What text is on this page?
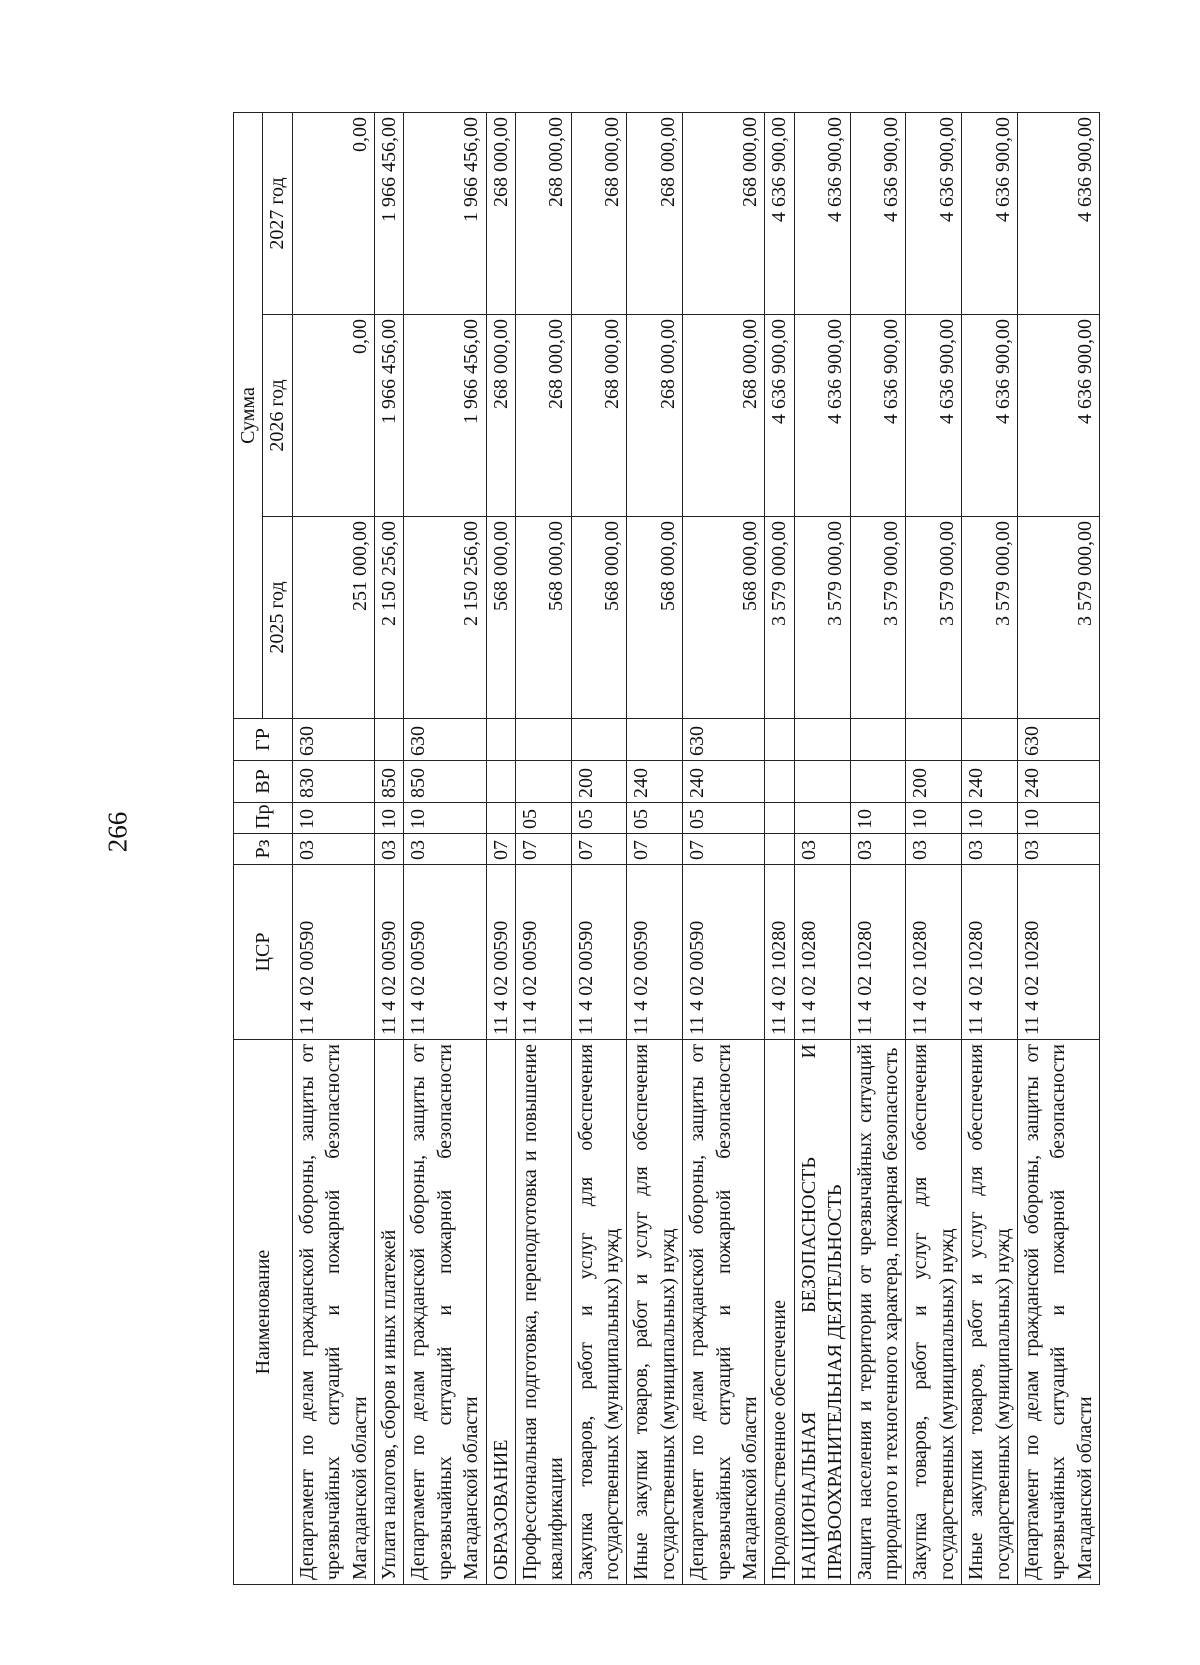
266
Наименование	ЦСР	Рз	Пр	ВР	ГР	Сумма		
						2025 год	2026 год	2027 год
Департамент по делам гражданской обороны, защиты от чрезвычайных ситуаций и пожарной безопасности Магаданской области	11 4 02 00590	03	10	830	630	251 000,00	0,00	0,00
Уплата налогов, сборов и иных платежей	11 4 02 00590	03	10	850		2 150 256,00	1 966 456,00	1 966 456,00
Департамент по делам гражданской обороны, защиты от чрезвычайных ситуаций и пожарной безопасности Магаданской области	11 4 02 00590	03	10	850	630	2 150 256,00	1 966 456,00	1 966 456,00
ОБРАЗОВАНИЕ	11 4 02 00590	07				568 000,00	268 000,00	268 000,00
Профессиональная подготовка, переподготовка и повышение квалификации	11 4 02 00590	07	05			568 000,00	268 000,00	268 000,00
Закупка товаров, работ и услуг для обеспечения государственных (муниципальных) нужд	11 4 02 00590	07	05	200		568 000,00	268 000,00	268 000,00
Иные закупки товаров, работ и услуг для обеспечения государственных (муниципальных) нужд	11 4 02 00590	07	05	240		568 000,00	268 000,00	268 000,00
Департамент по делам гражданской обороны, защиты от чрезвычайных ситуаций и пожарной безопасности Магаданской области	11 4 02 00590	07	05	240	630	568 000,00	268 000,00	268 000,00
Продовольственное обеспечение	11 4 02 10280					3 579 000,00	4 636 900,00	4 636 900,00
НАЦИОНАЛЬНАЯ БЕЗОПАСНОСТЬ И ПРАВООХРАНИТЕЛЬНАЯ ДЕЯТЕЛЬНОСТЬ	11 4 02 10280	03				3 579 000,00	4 636 900,00	4 636 900,00
Защита населения и территории от чрезвычайных ситуаций природного и техногенного характера, пожарная безопасность	11 4 02 10280	03	10			3 579 000,00	4 636 900,00	4 636 900,00
Закупка товаров, работ и услуг для обеспечения государственных (муниципальных) нужд	11 4 02 10280	03	10	200		3 579 000,00	4 636 900,00	4 636 900,00
Иные закупки товаров, работ и услуг для обеспечения государственных (муниципальных) нужд	11 4 02 10280	03	10	240		3 579 000,00	4 636 900,00	4 636 900,00
Департамент по делам гражданской обороны, защиты от чрезвычайных ситуаций и пожарной безопасности Магаданской области	11 4 02 10280	03	10	240	630	3 579 000,00	4 636 900,00	4 636 900,00
